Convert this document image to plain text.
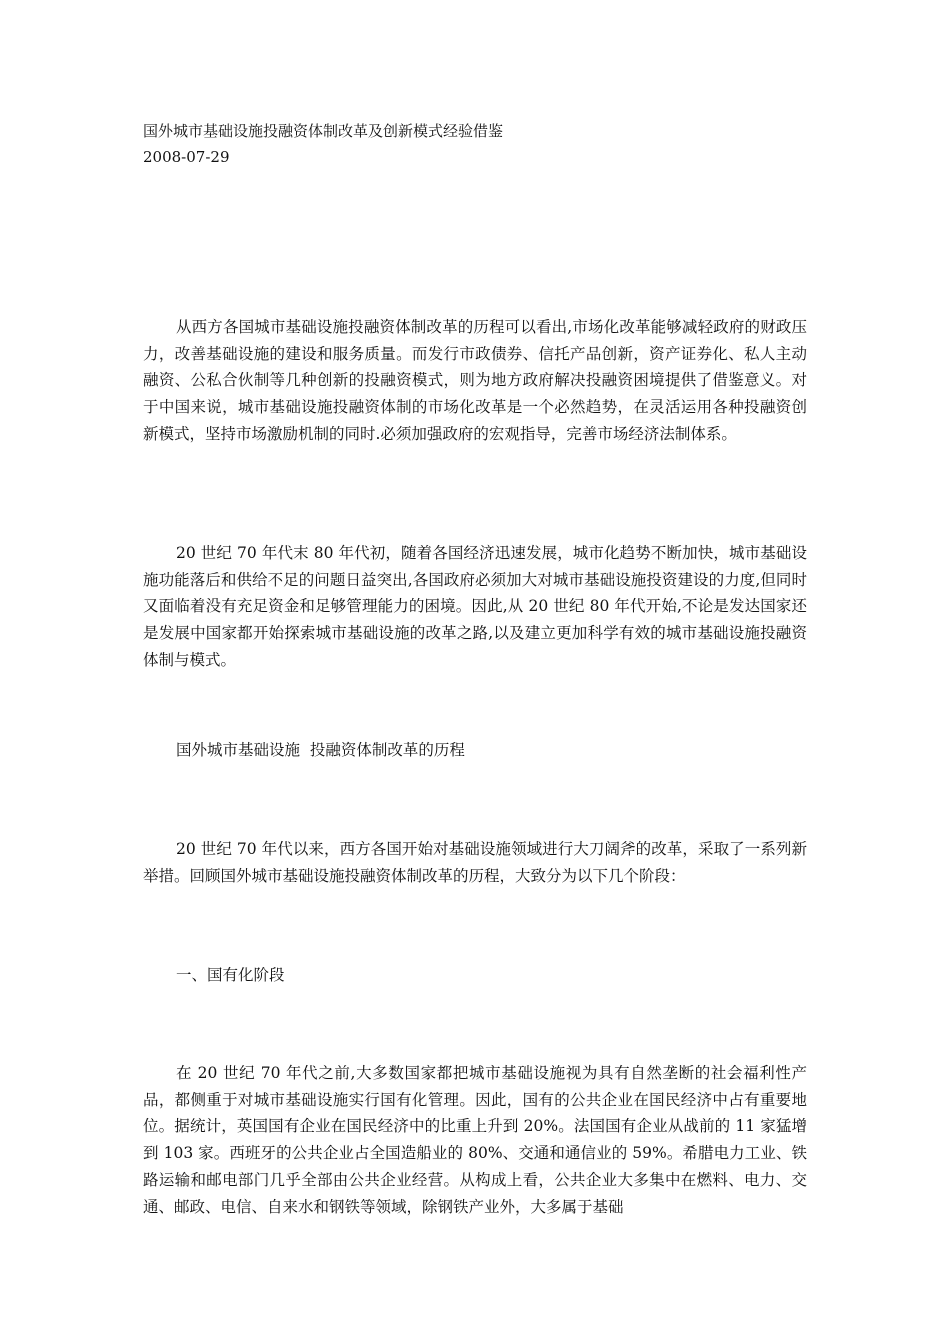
国外城市基础设施投融资体制改革及创新模式经验借鉴
2008-07-29

从西方各国城市基础设施投融资体制改革的历程可以看出,市场化改革能够减轻政府的财政压力，改善基础设施的建设和服务质量。而发行市政债券、信托产品创新，资产证券化、私人主动融资、公私合伙制等几种创新的投融资模式，则为地方政府解决投融资困境提供了借鉴意义。对于中国来说，城市基础设施投融资体制的市场化改革是一个必然趋势，在灵活运用各种投融资创新模式，坚持市场激励机制的同时.必须加强政府的宏观指导，完善市场经济法制体系。

20 世纪 70 年代末 80 年代初，随着各国经济迅速发展，城市化趋势不断加快，城市基础设施功能落后和供给不足的问题日益突出,各国政府必须加大对城市基础设施投资建设的力度,但同时又面临着没有充足资金和足够管理能力的困境。因此,从 20 世纪 80 年代开始,不论是发达国家还是发展中国家都开始探索城市基础设施的改革之路,以及建立更加科学有效的城市基础设施投融资体制与模式。

国外城市基础设施  投融资体制改革的历程

20 世纪 70 年代以来，西方各国开始对基础设施领域进行大刀阔斧的改革，采取了一系列新举措。回顾国外城市基础设施投融资体制改革的历程，大致分为以下几个阶段：

一、国有化阶段

在 20 世纪 70 年代之前,大多数国家都把城市基础设施视为具有自然垄断的社会福利性产品，都侧重于对城市基础设施实行国有化管理。因此，国有的公共企业在国民经济中占有重要地位。据统计，英国国有企业在国民经济中的比重上升到 20%。法国国有企业从战前的 11 家猛增到 103 家。西班牙的公共企业占全国造船业的 80%、交通和通信业的 59%。希腊电力工业、铁路运输和邮电部门几乎全部由公共企业经营。从构成上看，公共企业大多集中在燃料、电力、交通、邮政、电信、自来水和钢铁等领域，除钢铁产业外，大多属于基础
